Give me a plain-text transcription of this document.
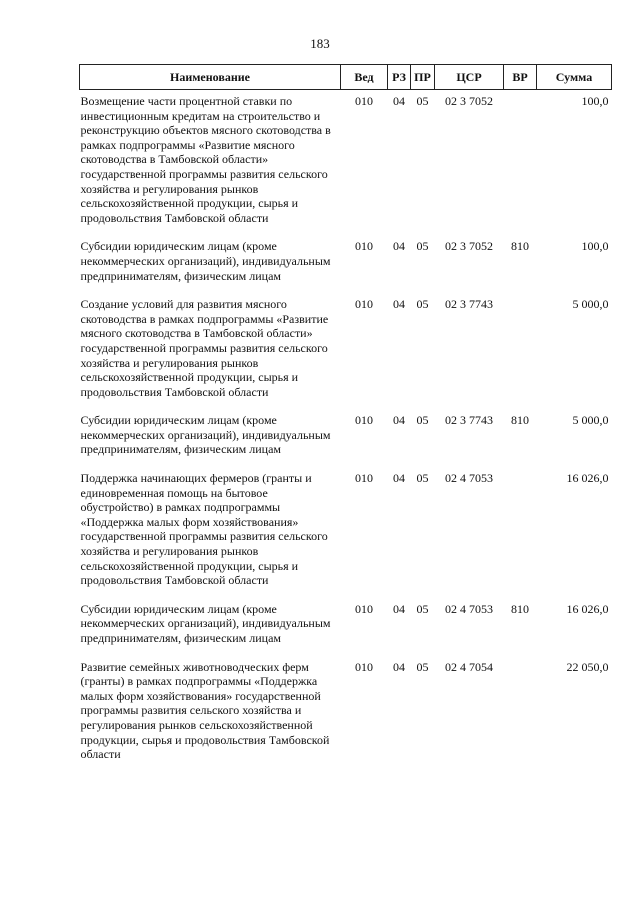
183
Наименование	Вед	РЗ	ПР	ЦСР	ВР	Сумма
Возмещение части процентной ставки по инвестиционным кредитам на строительство и реконструкцию объектов мясного скотоводства в рамках подпрограммы «Развитие мясного скотоводства в Тамбовской области» государственной программы развития сельского хозяйства и регулирования рынков сельскохозяйственной продукции, сырья и продовольствия Тамбовской области	010	04	05	02 3 7052		100,0

Субсидии юридическим лицам (кроме некоммерческих организаций), индивидуальным предпринимателям, физическим лицам	010	04	05	02 3 7052	810	100,0

Создание условий для развития мясного скотоводства в рамках подпрограммы «Развитие мясного скотоводства в Тамбовской области» государственной программы развития сельского хозяйства и регулирования рынков сельскохозяйственной продукции, сырья и продовольствия Тамбовской области	010	04	05	02 3 7743		5 000,0

Субсидии юридическим лицам (кроме некоммерческих организаций), индивидуальным предпринимателям, физическим лицам	010	04	05	02 3 7743	810	5 000,0

Поддержка начинающих фермеров (гранты и единовременная помощь на бытовое обустройство) в рамках подпрограммы «Поддержка малых форм хозяйствования» государственной программы развития сельского хозяйства и регулирования рынков сельскохозяйственной продукции, сырья и продовольствия Тамбовской области	010	04	05	02 4 7053		16 026,0

Субсидии юридическим лицам (кроме некоммерческих организаций), индивидуальным предпринимателям, физическим лицам	010	04	05	02 4 7053	810	16 026,0

Развитие семейных животноводческих ферм (гранты) в рамках подпрограммы «Поддержка малых форм хозяйствования» государственной программы развития сельского хозяйства и регулирования рынков сельскохозяйственной продукции, сырья и продовольствия Тамбовской области	010	04	05	02 4 7054		22 050,0
